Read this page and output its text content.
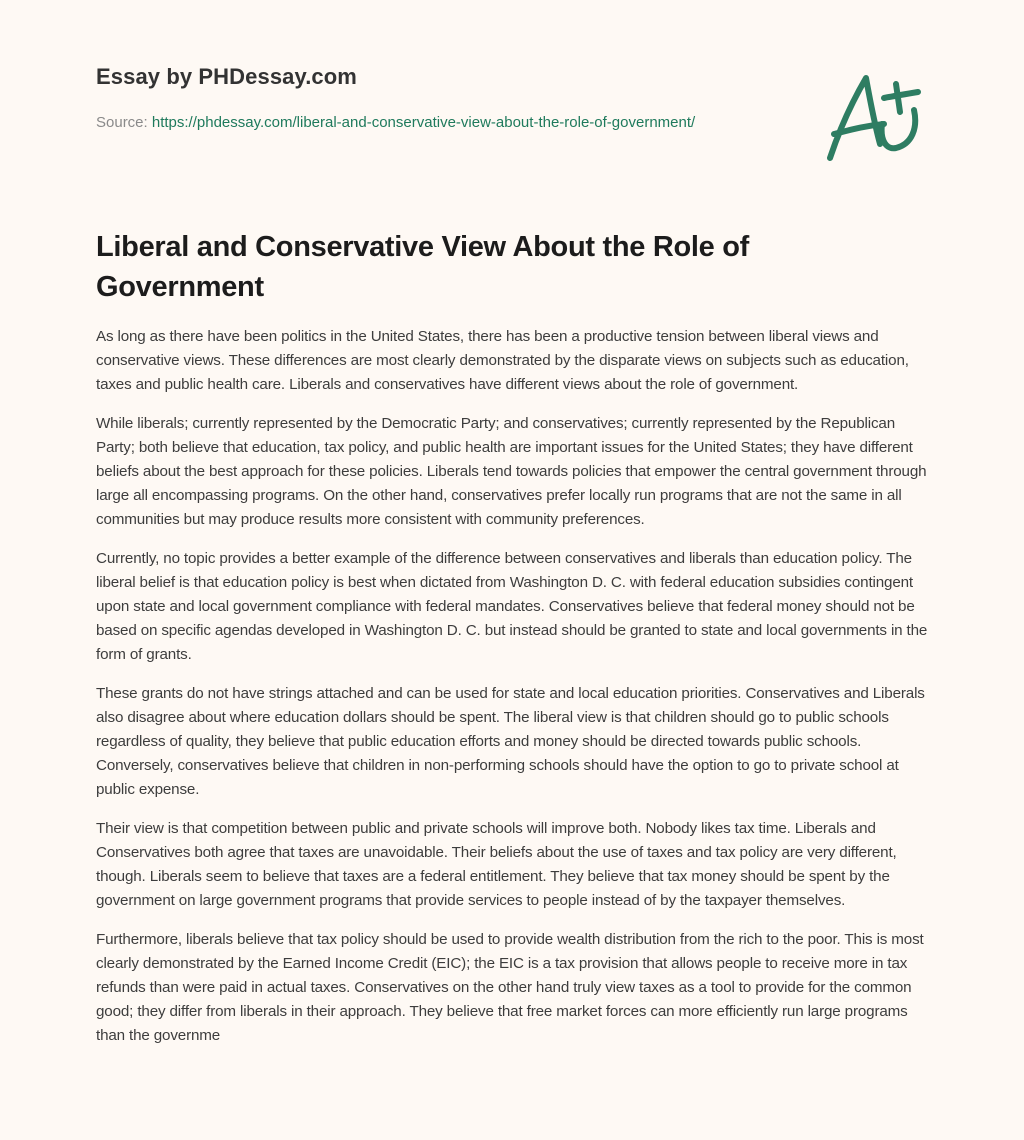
Essay by PHDessay.com
Source: https://phdessay.com/liberal-and-conservative-view-about-the-role-of-government/
Liberal and Conservative View About the Role of Government

As long as there have been politics in the United States, there has been a productive tension between liberal views and conservative views. These differences are most clearly demonstrated by the disparate views on subjects such as education, taxes and public health care. Liberals and conservatives have different views about the role of government.

While liberals; currently represented by the Democratic Party; and conservatives; currently represented by the Republican Party; both believe that education, tax policy, and public health are important issues for the United States; they have different beliefs about the best approach for these policies. Liberals tend towards policies that empower the central government through large all encompassing programs. On the other hand, conservatives prefer locally run programs that are not the same in all communities but may produce results more consistent with community preferences.

Currently, no topic provides a better example of the difference between conservatives and liberals than education policy. The liberal belief is that education policy is best when dictated from Washington D. C. with federal education subsidies contingent upon state and local government compliance with federal mandates. Conservatives believe that federal money should not be based on specific agendas developed in Washington D. C. but instead should be granted to state and local governments in the form of grants.

These grants do not have strings attached and can be used for state and local education priorities. Conservatives and Liberals also disagree about where education dollars should be spent. The liberal view is that children should go to public schools regardless of quality, they believe that public education efforts and money should be directed towards public schools. Conversely, conservatives believe that children in non-performing schools should have the option to go to private school at public expense.

Their view is that competition between public and private schools will improve both. Nobody likes tax time. Liberals and Conservatives both agree that taxes are unavoidable. Their beliefs about the use of taxes and tax policy are very different, though. Liberals seem to believe that taxes are a federal entitlement. They believe that tax money should be spent by the government on large government programs that provide services to people instead of by the taxpayer themselves.

Furthermore, liberals believe that tax policy should be used to provide wealth distribution from the rich to the poor. This is most clearly demonstrated by the Earned Income Credit (EIC); the EIC is a tax provision that allows people to receive more in tax refunds than were paid in actual taxes. Conservatives on the other hand truly view taxes as a tool to provide for the common good; they differ from liberals in their approach. They believe that free market forces can more efficiently run large programs than the governme
